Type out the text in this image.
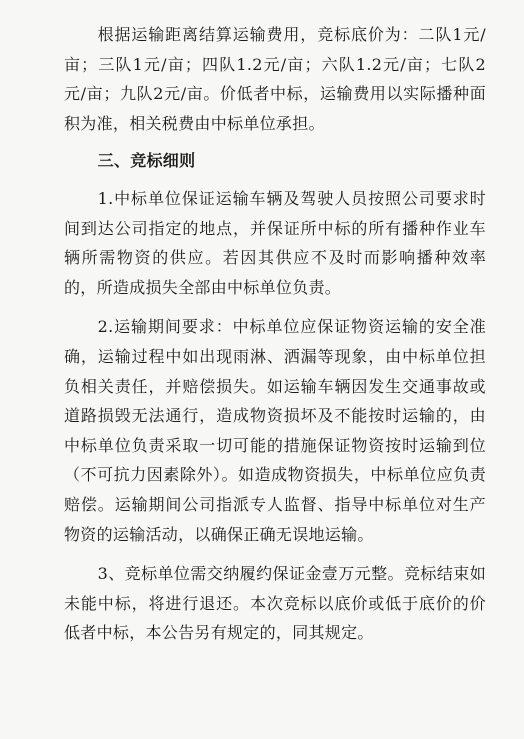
根据运输距离结算运输费用，竞标底价为：二队1元/亩；三队1元/亩；四队1.2元/亩；六队1.2元/亩；七队2元/亩；九队2元/亩。价低者中标，运输费用以实际播种面积为准，相关税费由中标单位承担。

三、竞标细则

1.中标单位保证运输车辆及驾驶人员按照公司要求时间到达公司指定的地点，并保证所中标的所有播种作业车辆所需物资的供应。若因其供应不及时而影响播种效率的，所造成损失全部由中标单位负责。

2.运输期间要求：中标单位应保证物资运输的安全准确，运输过程中如出现雨淋、洒漏等现象，由中标单位担负相关责任，并赔偿损失。如运输车辆因发生交通事故或道路损毁无法通行，造成物资损坏及不能按时运输的，由中标单位负责采取一切可能的措施保证物资按时运输到位（不可抗力因素除外）。如造成物资损失，中标单位应负责赔偿。运输期间公司指派专人监督、指导中标单位对生产物资的运输活动，以确保正确无误地运输。

3、竞标单位需交纳履约保证金壹万元整。竞标结束如未能中标，将进行退还。本次竞标以底价或低于底价的价低者中标，本公告另有规定的，同其规定。
